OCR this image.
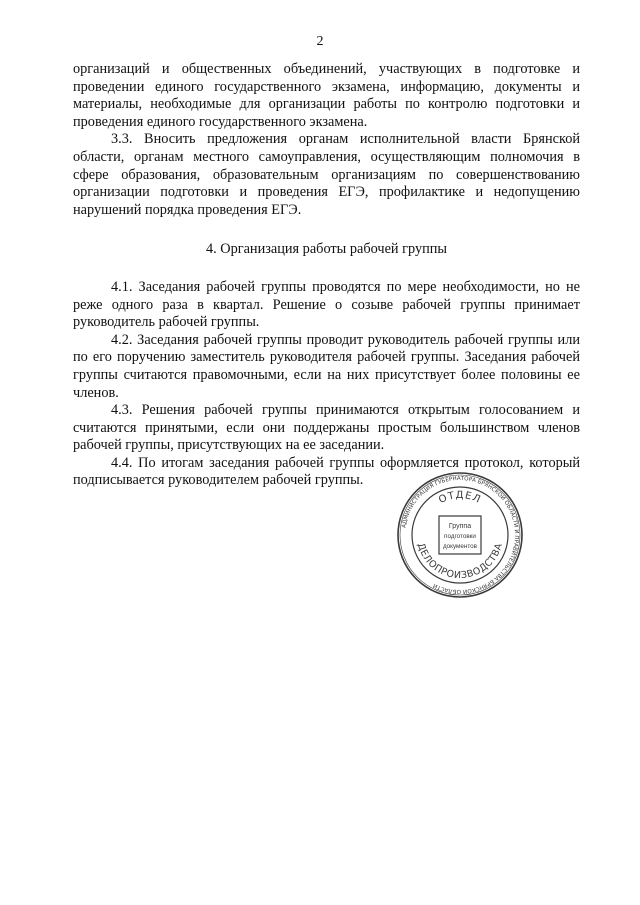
2

организаций и общественных объединений, участвующих в подготовке и проведении единого государственного экзамена, информацию, документы и материалы, необходимые для организации работы по контролю подготовки и проведения единого государственного экзамена.

3.3. Вносить предложения органам исполнительной власти Брянской области, органам местного самоуправления, осуществляющим полномочия в сфере образования, образовательным организациям по совершенствованию организации подготовки и проведения ЕГЭ, профилактике и недопущению нарушений порядка проведения ЕГЭ.

4. Организация работы рабочей группы

4.1. Заседания рабочей группы проводятся по мере необходимости, но не реже одного раза в квартал. Решение о созыве рабочей группы принимает руководитель рабочей группы.

4.2. Заседания рабочей группы проводит руководитель рабочей группы или по его поручению заместитель руководителя рабочей группы. Заседания рабочей группы считаются правомочными, если на них присутствует более половины ее членов.

4.3. Решения рабочей группы принимаются открытым голосованием и считаются принятыми, если они поддержаны простым большинством членов рабочей группы, присутствующих на ее заседании.

4.4. По итогам заседания рабочей группы оформляется протокол, который подписывается руководителем рабочей группы.

АДМИНИСТРАЦИЯ ГУБЕРНАТОРА БРЯНСКОЙ ОБЛАСТИ И ПРАВИТЕЛЬСТВА БРЯНСКОЙ ОБЛАСТИ
ОТДЕЛ
ДЕЛОПРОИЗВОДСТВА
Группа
подготовки
документов
